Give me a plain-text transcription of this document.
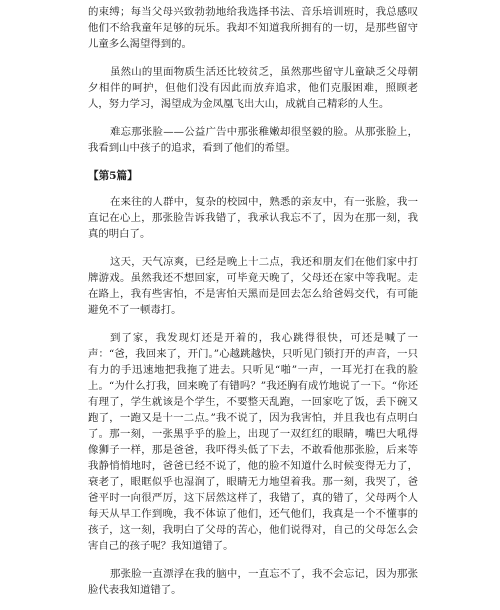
的束缚；每当父母兴致勃勃地给我选择书法、音乐培训班时，我总感叹他们不给我童年足够的玩乐。我却不知道我所拥有的一切，是那些留守儿童多么渴望得到的。

虽然山的里面物质生活还比较贫乏，虽然那些留守儿童缺乏父母朝夕相伴的呵护，但他们没有因此而放弃追求，他们克服困难，照顾老人，努力学习，渴望成为金凤凰飞出大山，成就自己精彩的人生。

难忘那张脸——公益广告中那张稚嫩却很坚毅的脸。从那张脸上，我看到山中孩子的追求，看到了他们的希望。

【第5篇】

在来往的人群中，复杂的校园中，熟悉的亲友中，有一张脸，我一直记在心上，那张脸告诉我错了，我承认我忘不了，因为在那一刻，我真的明白了。

这天，天气凉爽，已经是晚上十二点，我还和朋友们在他们家中打牌游戏。虽然我还不想回家，可毕竟天晚了，父母还在家中等我呢。走在路上，我有些害怕，不是害怕天黑而是回去怎么给爸妈交代，有可能避免不了一顿毒打。

到了家，我发现灯还是开着的，我心跳得很快，可还是喊了一声：“爸，我回来了，开门。”心越跳越快，只听见门锁打开的声音，一只有力的手迅速地把我拖了进去。只听见“啪”一声，一耳光打在我的脸上。“为什么打我，回来晚了有错吗？”我还胸有成竹地说了一下。“你还有理了，学生就该是个学生，不要整天乱跑，一回家吃了饭，丢下碗又跑了，一跑又是十一二点。”我不说了，因为我害怕，并且我也有点明白了。那一刻，一张黑乎乎的脸上，出现了一双红红的眼睛，嘴巴大吼得像狮子一样，那是爸爸，我吓得头低了下去，不敢看他那张脸，后来等我静悄悄地时，爸爸已经不说了，他的脸不知道什么时候变得无力了，衰老了，眼眶似乎也湿润了，眼睛无力地望着我。那一刻，我哭了，爸爸平时一向很严厉，这下居然这样了，我错了，真的错了，父母两个人每天从早工作到晚，我不体谅了他们，还气他们，我真是一个不懂事的孩子，这一刻，我明白了父母的苦心，他们说得对，自己的父母怎么会害自己的孩子呢？我知道错了。

那张脸一直漂浮在我的脑中，一直忘不了，我不会忘记，因为那张脸代表我知道错了。
